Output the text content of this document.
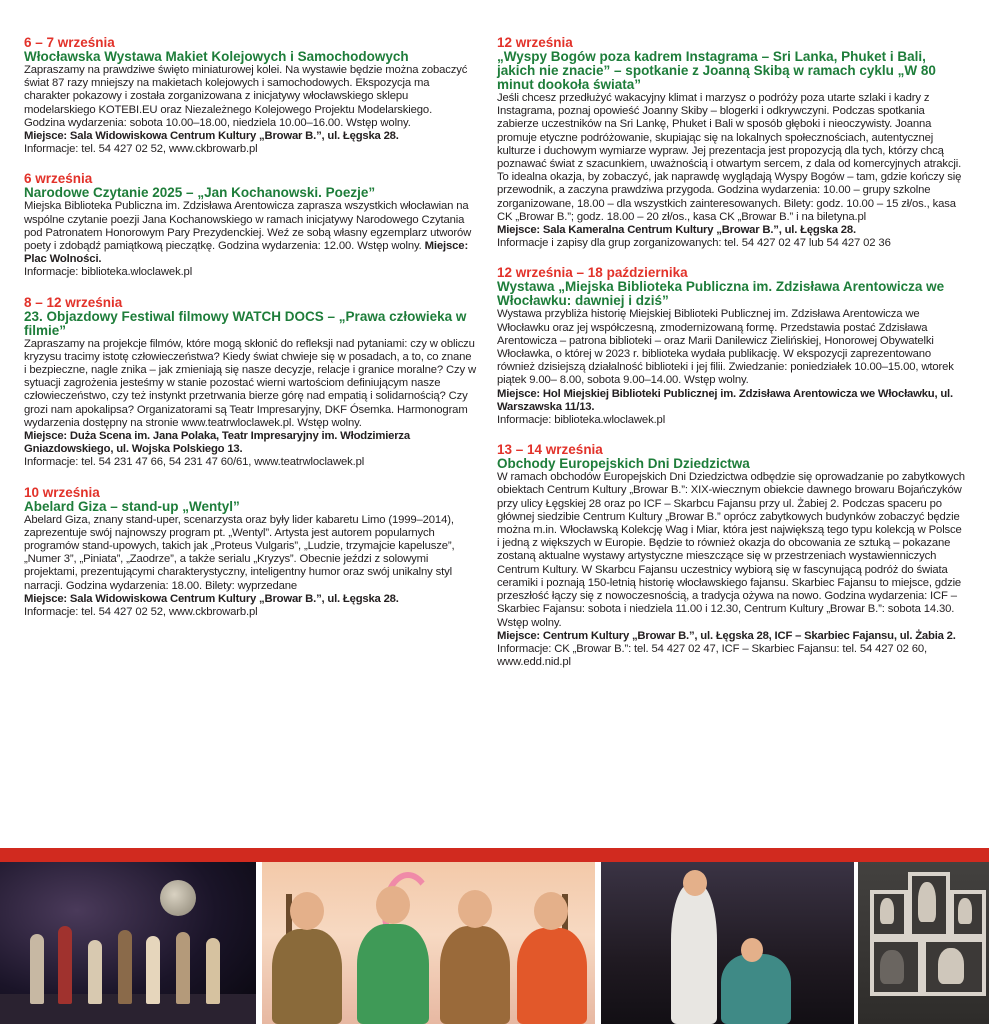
6 – 7 września
Włocławska Wystawa Makiet Kolejowych i Samochodowych
Zapraszamy na prawdziwe święto miniaturowej kolei. Na wystawie będzie można zobaczyć świat 87 razy mniejszy na makietach kolejowych i samochodowych. Ekspozycja ma charakter pokazowy i została zorganizowana z inicjatywy włocławskiego sklepu modelarskiego KOTEBI.EU oraz Niezależnego Kolejowego Projektu Modelarskiego. Godzina wydarzenia: sobota 10.00–18.00, niedziela 10.00–16.00. Wstęp wolny.
Miejsce: Sala Widowiskowa Centrum Kultury „Browar B.”, ul. Łęgska 28.
Informacje: tel. 54 427 02 52, www.ckbrowarb.pl
6 września
Narodowe Czytanie 2025 – „Jan Kochanowski. Poezje”
Miejska Biblioteka Publiczna im. Zdzisława Arentowicza zaprasza wszystkich włocławian na wspólne czytanie poezji Jana Kochanowskiego w ramach inicjatywy Narodowego Czytania pod Patronatem Honorowym Pary Prezydenckiej. Weź ze sobą własny egzemplarz utworów poety i zdobądź pamiątkową pieczątkę. Godzina wydarzenia: 12.00. Wstęp wolny. Miejsce: Plac Wolności.
Informacje: biblioteka.wloclawek.pl
8 – 12 września
23. Objazdowy Festiwal filmowy WATCH DOCS – „Prawa człowieka w filmie”
Zapraszamy na projekcje filmów, które mogą skłonić do refleksji nad pytaniami: czy w obliczu kryzysu tracimy istotę człowieczeństwa? Kiedy świat chwieje się w posadach, a to, co znane i bezpieczne, nagle znika – jak zmieniają się nasze decyzje, relacje i granice moralne? Czy w sytuacji zagrożenia jesteśmy w stanie pozostać wierni wartościom definiującym nasze człowieczeństwo, czy też instynkt przetrwania bierze górę nad empatią i solidarnością? Czy grozi nam apokalipsa? Organizatorami są Teatr Impresaryjny, DKF Ósemka. Harmonogram wydarzenia dostępny na stronie www.teatrwloclawek.pl. Wstęp wolny.
Miejsce: Duża Scena im. Jana Polaka, Teatr Impresaryjny im. Włodzimierza Gniazdowskiego, ul. Wojska Polskiego 13.
Informacje: tel. 54 231 47 66, 54 231 47 60/61, www.teatrwloclawek.pl
10 września
Abelard Giza – stand-up „Wentyl”
Abelard Giza, znany stand-uper, scenarzysta oraz były lider kabaretu Limo (1999–2014), zaprezentuje swój najnowszy program pt. „Wentyl”. Artysta jest autorem popularnych programów stand-upowych, takich jak „Proteus Vulgaris”, „Ludzie, trzymajcie kapelusze”, „Numer 3”, „Piniata”, „Zaodrze”, a także serialu „Kryzys”. Obecnie jeździ z solowymi projektami, prezentującymi charakterystyczny, inteligentny humor oraz swój unikalny styl narracji. Godzina wydarzenia: 18.00. Bilety: wyprzedane
Miejsce: Sala Widowiskowa Centrum Kultury „Browar B.”, ul. Łęgska 28.
Informacje: tel. 54 427 02 52, www.ckbrowarb.pl
12 września
„Wyspy Bogów poza kadrem Instagrama – Sri Lanka, Phuket i Bali, jakich nie znacie” – spotkanie z Joanną Skibą w ramach cyklu „W 80 minut dookoła świata”
Jeśli chcesz przedłużyć wakacyjny klimat i marzysz o podróży poza utarte szlaki i kadry z Instagrama, poznaj opowieść Joanny Skiby – blogerki i odkrywczyni. Podczas spotkania zabierze uczestników na Sri Lankę, Phuket i Bali w sposób głęboki i nieoczywisty. Joanna promuje etyczne podróżowanie, skupiając się na lokalnych społecznościach, autentycznej kulturze i duchowym wymiarze wypraw. Jej prezentacja jest propozycją dla tych, którzy chcą poznawać świat z szacunkiem, uważnością i otwartym sercem, z dala od komercyjnych atrakcji. To idealna okazja, by zobaczyć, jak naprawdę wyglądają Wyspy Bogów – tam, gdzie kończy się przewodnik, a zaczyna prawdziwa przygoda. Godzina wydarzenia: 10.00 – grupy szkolne zorganizowane, 18.00 – dla wszystkich zainteresowanych. Bilety: godz. 10.00 – 15 zł/os., kasa CK „Browar B.”; godz. 18.00 – 20 zł/os., kasa CK „Browar B.” i na biletyna.pl
Miejsce: Sala Kameralna Centrum Kultury „Browar B.”, ul. Łęgska 28.
Informacje i zapisy dla grup zorganizowanych: tel. 54 427 02 47 lub 54 427 02 36
12 września – 18 października
Wystawa „Miejska Biblioteka Publiczna im. Zdzisława Arentowicza we Włocławku: dawniej i dziś”
Wystawa przybliża historię Miejskiej Biblioteki Publicznej im. Zdzisława Arentowicza we Włocławku oraz jej współczesną, zmodernizowaną formę. Przedstawia postać Zdzisława Arentowicza – patrona biblioteki – oraz Marii Danilewicz Zielińskiej, Honorowej Obywatelki Włocławka, o której w 2023 r. biblioteka wydała publikację. W ekspozycji zaprezentowano również dzisiejszą działalność biblioteki i jej filii. Zwiedzanie: poniedziałek 10.00–15.00, wtorek piątek 9.00– 8.00, sobota 9.00–14.00. Wstęp wolny.
Miejsce: Hol Miejskiej Biblioteki Publicznej im. Zdzisława Arentowicza we Włocławku, ul. Warszawska 11/13.
Informacje: biblioteka.wloclawek.pl
13 – 14 września
Obchody Europejskich Dni Dziedzictwa
W ramach obchodów Europejskich Dni Dziedzictwa odbędzie się oprowadzanie po zabytkowych obiektach Centrum Kultury „Browar B.”: XIX-wiecznym obiekcie dawnego browaru Bojańczyków przy ulicy Łęgskiej 28 oraz po ICF – Skarbcu Fajansu przy ul. Żabiej 2. Podczas spaceru po głównej siedzibie Centrum Kultury „Browar B.” oprócz zabytkowych budynków zobaczyć będzie można m.in. Włocławską Kolekcję Wag i Miar, która jest największą tego typu kolekcją w Polsce i jedną z większych w Europie. Będzie to również okazja do obcowania ze sztuką – pokazane zostaną aktualne wystawy artystyczne mieszczące się w przestrzeniach wystawienniczych Centrum Kultury. W Skarbcu Fajansu uczestnicy wybiorą się w fascynującą podróż do świata ceramiki i poznają 150-letnią historię włocławskiego fajansu. Skarbiec Fajansu to miejsce, gdzie przeszłość łączy się z nowoczesnością, a tradycja ożywa na nowo. Godzina wydarzenia: ICF – Skarbiec Fajansu: sobota i niedziela 11.00 i 12.30, Centrum Kultury „Browar B.”: sobota 14.30. Wstęp wolny.
Miejsce: Centrum Kultury „Browar B.”, ul. Łęgska 28, ICF – Skarbiec Fajansu, ul. Żabia 2.
Informacje: CK „Browar B.”: tel. 54 427 02 47, ICF – Skarbiec Fajansu: tel. 54 427 02 60, www.edd.nid.pl
